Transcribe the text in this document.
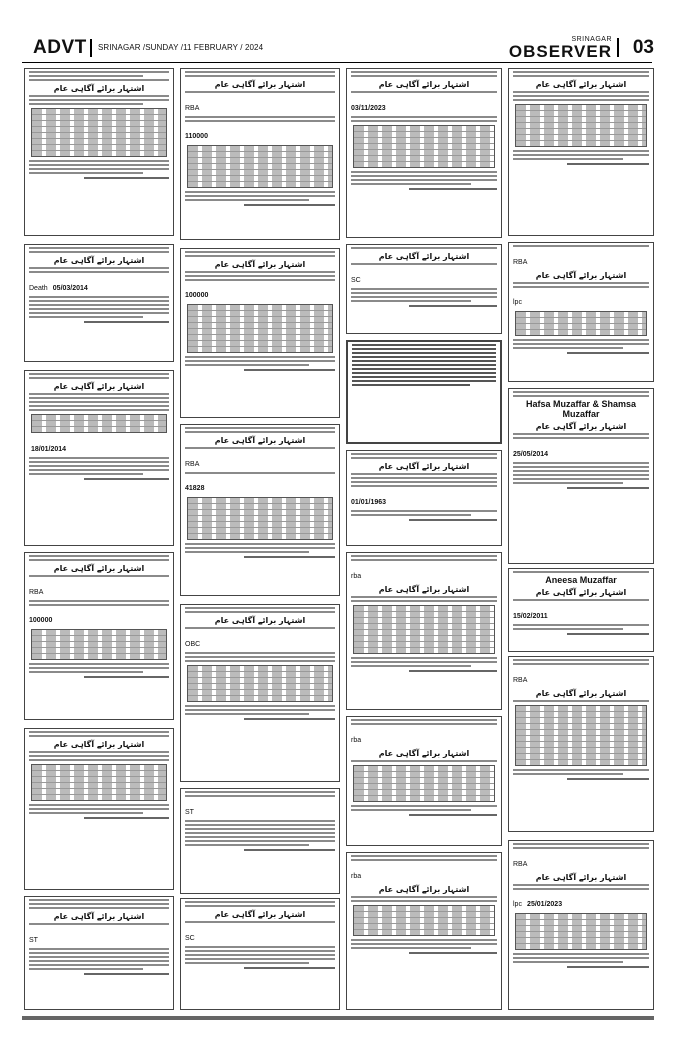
ADVT SRINAGAR /SUNDAY /11 FEBRUARY / 2024
SRINAGAR
OBSERVER 03
اشتہار برائے آگاہی عام
اشتہار برائے آگاہی عام
Death 05/03/2014
اشتہار برائے آگاہی عام
18/01/2014
اشتہار برائے آگاہی عام
RBA
100000
اشتہار برائے آگاہی عام
اشتہار برائے آگاہی عام
ST
اشتہار برائے آگاہی عام
RBA
110000
اشتہار برائے آگاہی عام
100000
اشتہار برائے آگاہی عام
RBA
41828
اشتہار برائے آگاہی عام
OBC
ST
اشتہار برائے آگاہی عام
SC
اشتہار برائے آگاہی عام
03/11/2023
اشتہار برائے آگاہی عام
SC
اشتہار برائے آگاہی عام
01/01/1963
rba
اشتہار برائے آگاہی عام
rba
اشتہار برائے آگاہی عام
rba
اشتہار برائے آگاہی عام
اشتہار برائے آگاہی عام
RBA
اشتہار برائے آگاہی عام
lpc
Hafsa Muzaffar & Shamsa Muzaffar
اشتہار برائے آگاہی عام
25/05/2014
Aneesa Muzaffar
اشتہار برائے آگاہی عام
15/02/2011
RBA
اشتہار برائے آگاہی عام
RBA
اشتہار برائے آگاہی عام
lpc 25/01/2023
